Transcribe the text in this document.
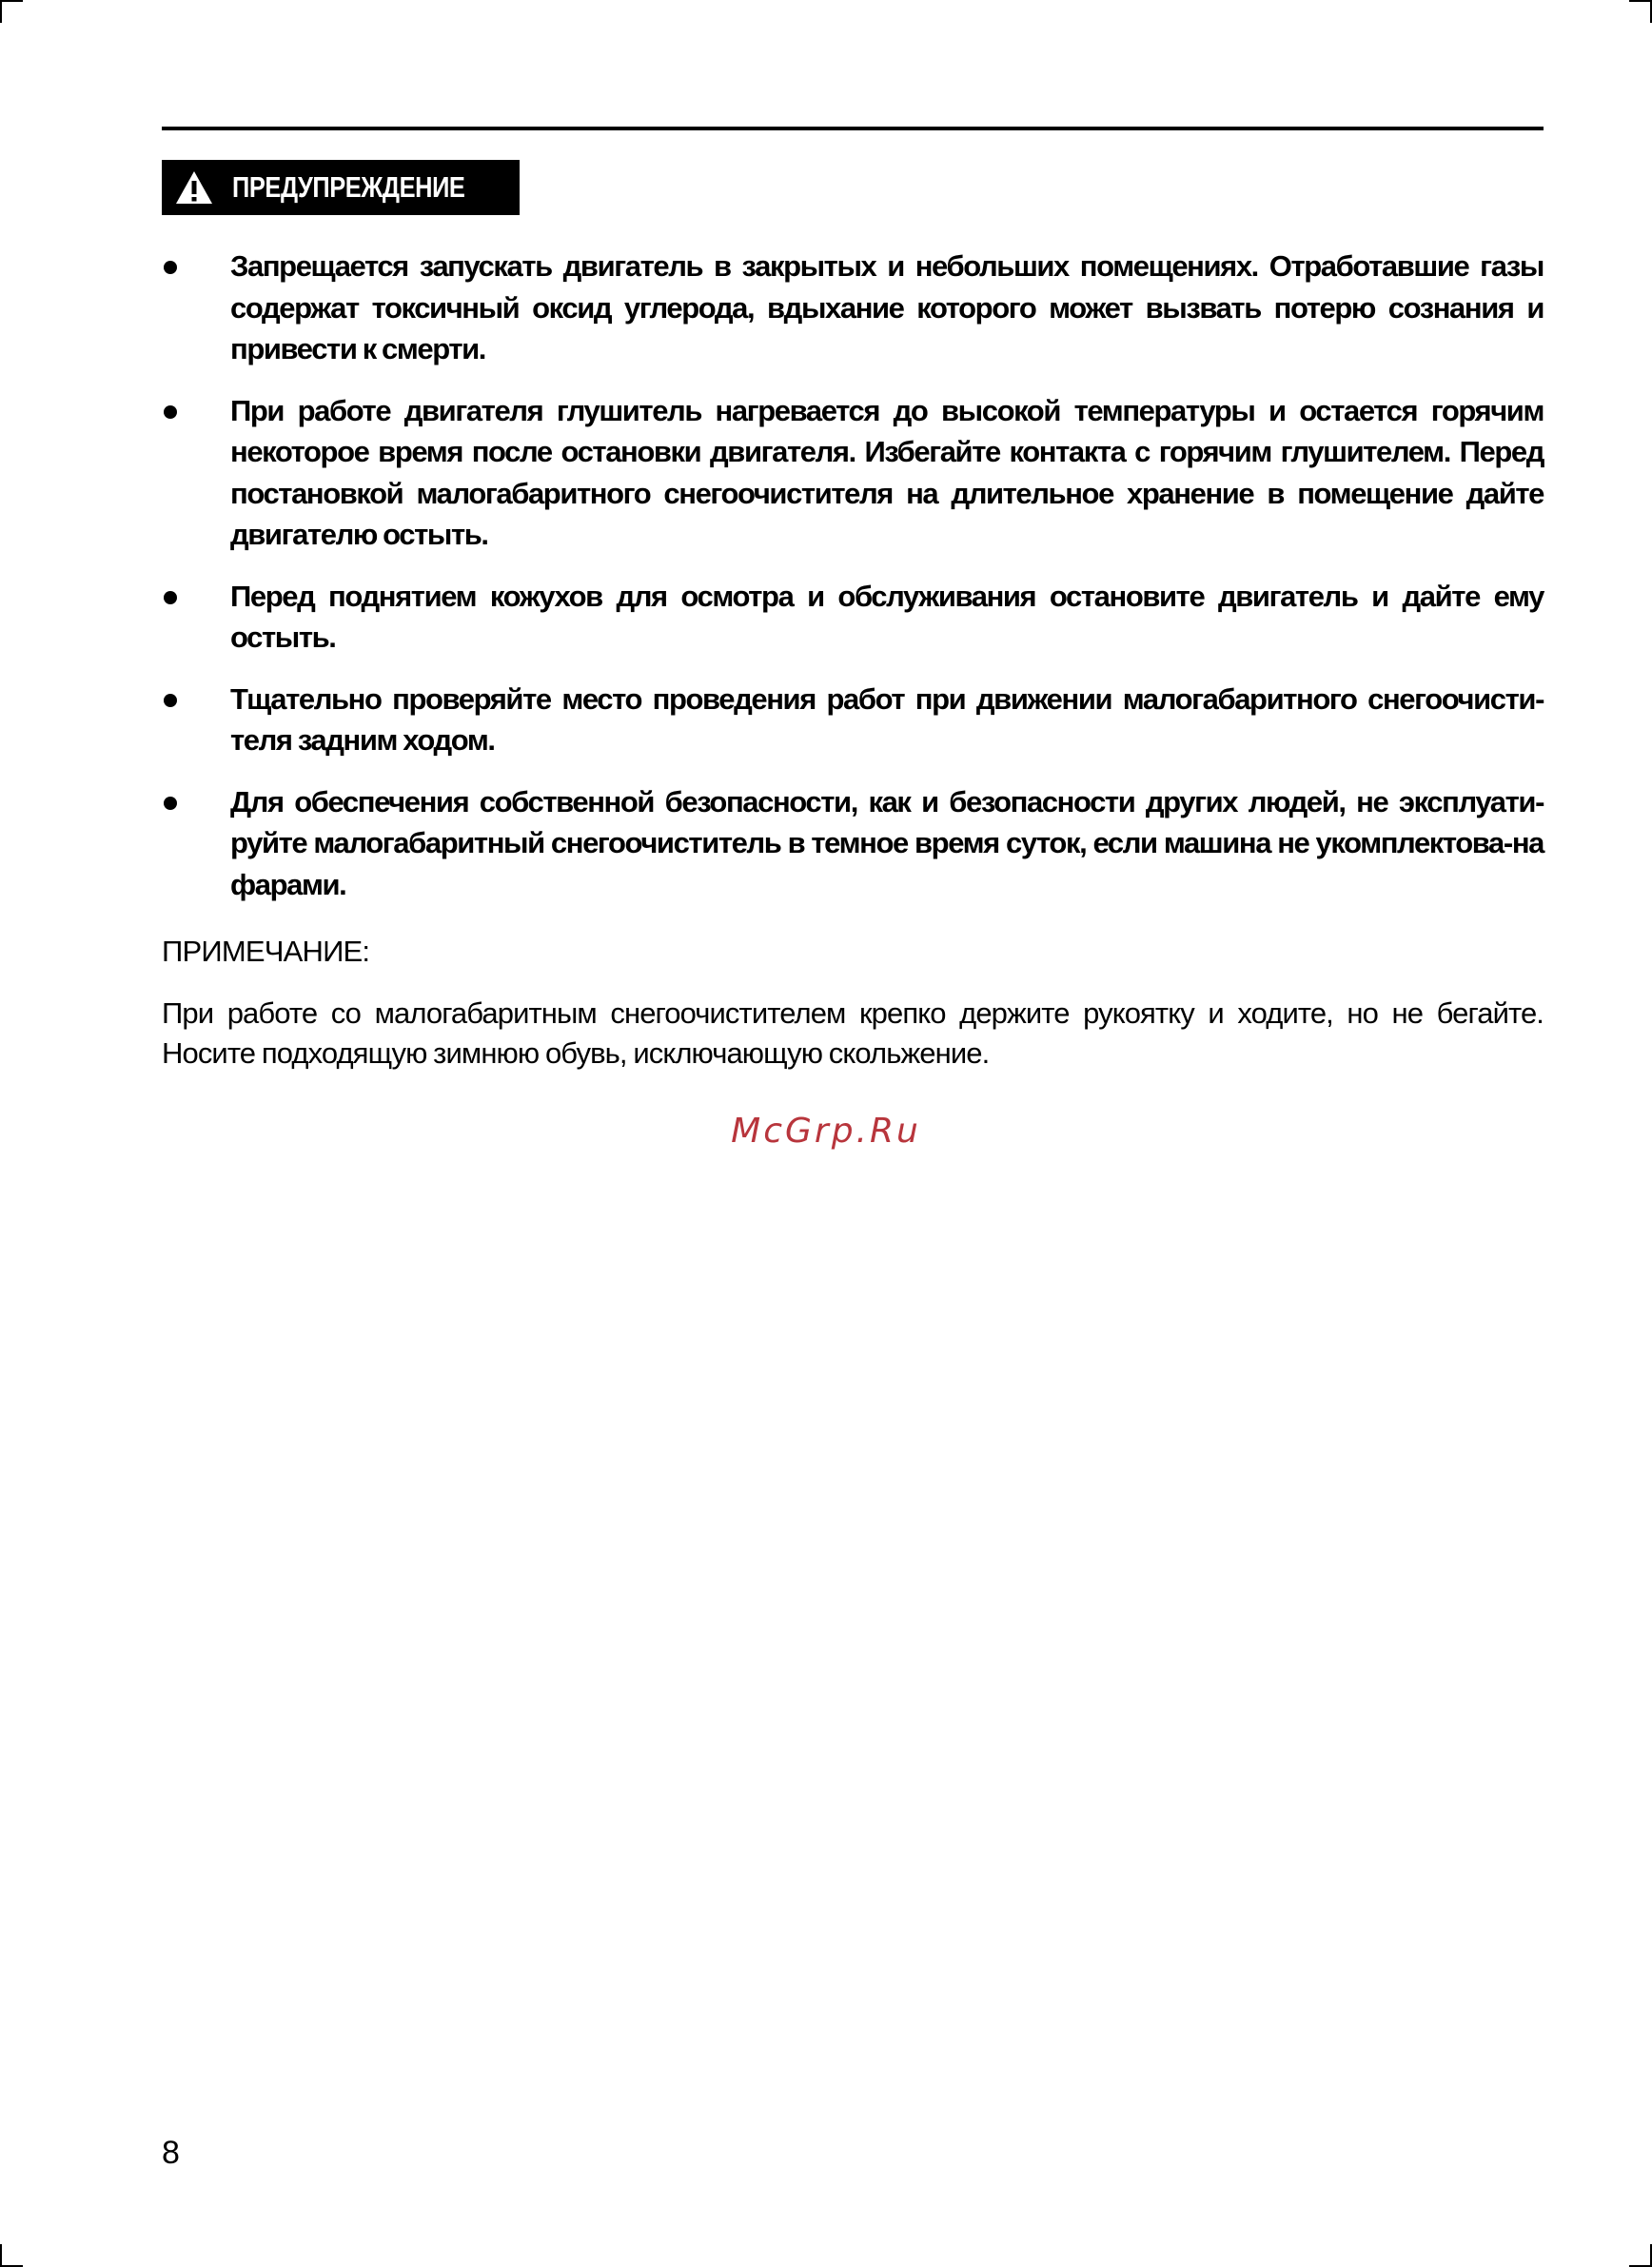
ПРЕДУПРЕЖДЕНИЕ
Запрещается запускать двигатель в закрытых и небольших помещениях. Отработавшие газы содержат токсичный оксид углерода, вдыхание которого может вызвать потерю сознания и привести к смерти.
При работе двигателя глушитель нагревается до высокой температуры и остается горячим некоторое время после остановки двигателя. Избегайте контакта с горячим глушителем. Перед постановкой малогабаритного снегоочистителя на длительное хранение в помещение дайте двигателю остыть.
Перед поднятием кожухов для осмотра и обслуживания остановите двигатель и дайте ему остыть.
Тщательно проверяйте место проведения работ при движении малогабаритного снегоочисти-теля задним ходом.
Для обеспечения собственной безопасности, как и безопасности других людей, не эксплуати-руйте малогабаритный снегоочиститель в темное время суток, если машина не укомплектова-на фарами.
ПРИМЕЧАНИЕ:
При работе со малогабаритным снегоочистителем крепко держите рукоятку и ходите, но не бегайте. Носите подходящую зимнюю обувь, исключающую скольжение.
McGrp.Ru
8
